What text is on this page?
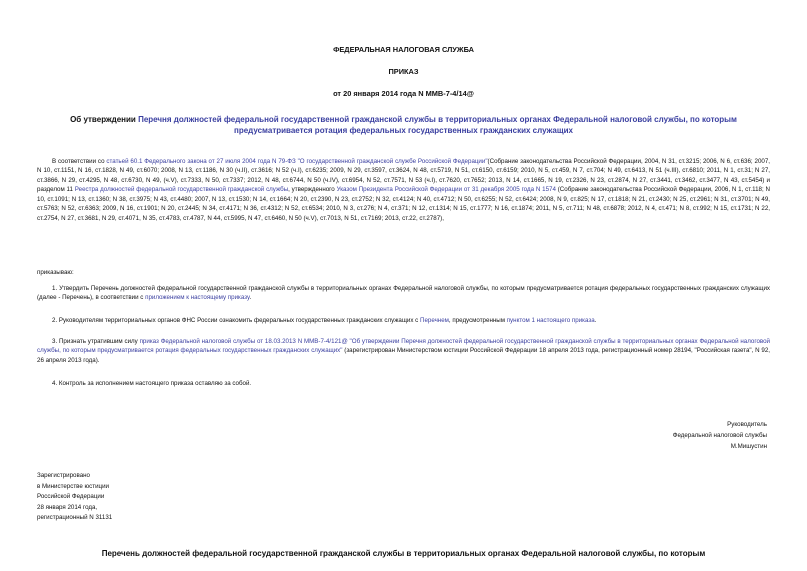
ФЕДЕРАЛЬНАЯ НАЛОГОВАЯ СЛУЖБА
ПРИКАЗ
от 20 января 2014 года N ММВ-7-4/14@
Об утверждении Перечня должностей федеральной государственной гражданской службы в территориальных органах Федеральной налоговой службы, по которым предусматривается ротация федеральных государственных гражданских служащих
В соответствии со статьей 60.1 Федерального закона от 27 июля 2004 года N 79-ФЗ "О государственной гражданской службе Российской Федерации"(Собрание законодательства Российской Федерации, 2004, N 31, ст.3215; 2006, N 6, ст.636; 2007, N 10, ст.1151, N 16, ст.1828, N 49, ст.6070; 2008, N 13, ст.1186, N 30 (ч.II), ст.3616; N 52 (ч.I), ст.6235; 2009, N 29, ст.3597, ст.3624, N 48, ст.5719, N 51, ст.6150, ст.6159; 2010, N 5, ст.459, N 7, ст.704; N 49, ст.6413, N 51 (ч.III), ст.6810; 2011, N 1, ст.31; N 27, ст.3866, N 29, ст.4295, N 48, ст.6730, N 49, (ч.V), ст.7333, N 50, ст.7337; 2012, N 48, ст.6744, N 50 (ч.IV), ст.6954, N 52, ст.7571, N 53 (ч.I), ст.7620, ст.7652; 2013, N 14, ст.1665, N 19, ст.2326, N 23, ст.2874, N 27, ст.3441, ст.3462, ст.3477, N 43, ст.5454) и разделом 11 Реестра должностей федеральной государственной гражданской службы, утвержденного Указом Президента Российской Федерации от 31 декабря 2005 года N 1574 (Собрание законодательства Российской Федерации, 2006, N 1, ст.118; N 10, ст.1091; N 13, ст.1360; N 38, ст.3975; N 43, ст.4480; 2007, N 13, ст.1530; N 14, ст.1664; N 20, ст.2390, N 23, ст.2752; N 32, ст.4124; N 40, ст.4712; N 50, ст.6255; N 52, ст.6424; 2008, N 9, ст.825; N 17, ст.1818; N 21, ст.2430; N 25, ст.2961; N 31, ст.3701; N 49, ст.5763; N 52, ст.6363; 2009, N 16, ст.1901; N 20, ст.2445; N 34, ст.4171; N 36, ст.4312; N 52, ст.6534; 2010, N 3, ст.276; N 4, ст.371; N 12, ст.1314; N 15, ст.1777; N 16, ст.1874; 2011, N 5, ст.711; N 48, ст.6878; 2012, N 4, ст.471; N 8, ст.992; N 15, ст.1731; N 22, ст.2754, N 27, ст.3681, N 29, ст.4071, N 35, ст.4783, ст.4787, N 44, ст.5995, N 47, ст.6460, N 50 (ч.V), ст.7013, N 51, ст.7169; 2013, ст.22, ст.2787),
приказываю:
1. Утвердить Перечень должностей федеральной государственной гражданской службы в территориальных органах Федеральной налоговой службы, по которым предусматривается ротация федеральных государственных гражданских служащих (далее - Перечень), в соответствии с приложением к настоящему приказу.
2. Руководителям территориальных органов ФНС России ознакомить федеральных государственных гражданских служащих с Перечнем, предусмотренным пунктом 1 настоящего приказа.
3. Признать утратившим силу приказ Федеральной налоговой службы от 18.03.2013 N ММВ-7-4/121@ "Об утверждении Перечня должностей федеральной государственной гражданской службы в территориальных органах Федеральной налоговой службы, по которым предусматривается ротация федеральных государственных гражданских служащих" (зарегистрирован Министерством юстиции Российской Федерации 18 апреля 2013 года, регистрационный номер 28194, "Российская газета", N 92, 26 апреля 2013 года).
4. Контроль за исполнением настоящего приказа оставляю за собой.
Руководитель
Федеральной налоговой службы
М.Мишустин
Зарегистрировано
в Министерстве юстиции
Российской Федерации
28 января 2014 года,
регистрационный N 31131
Перечень должностей федеральной государственной гражданской службы в территориальных органах Федеральной налоговой службы, по которым
